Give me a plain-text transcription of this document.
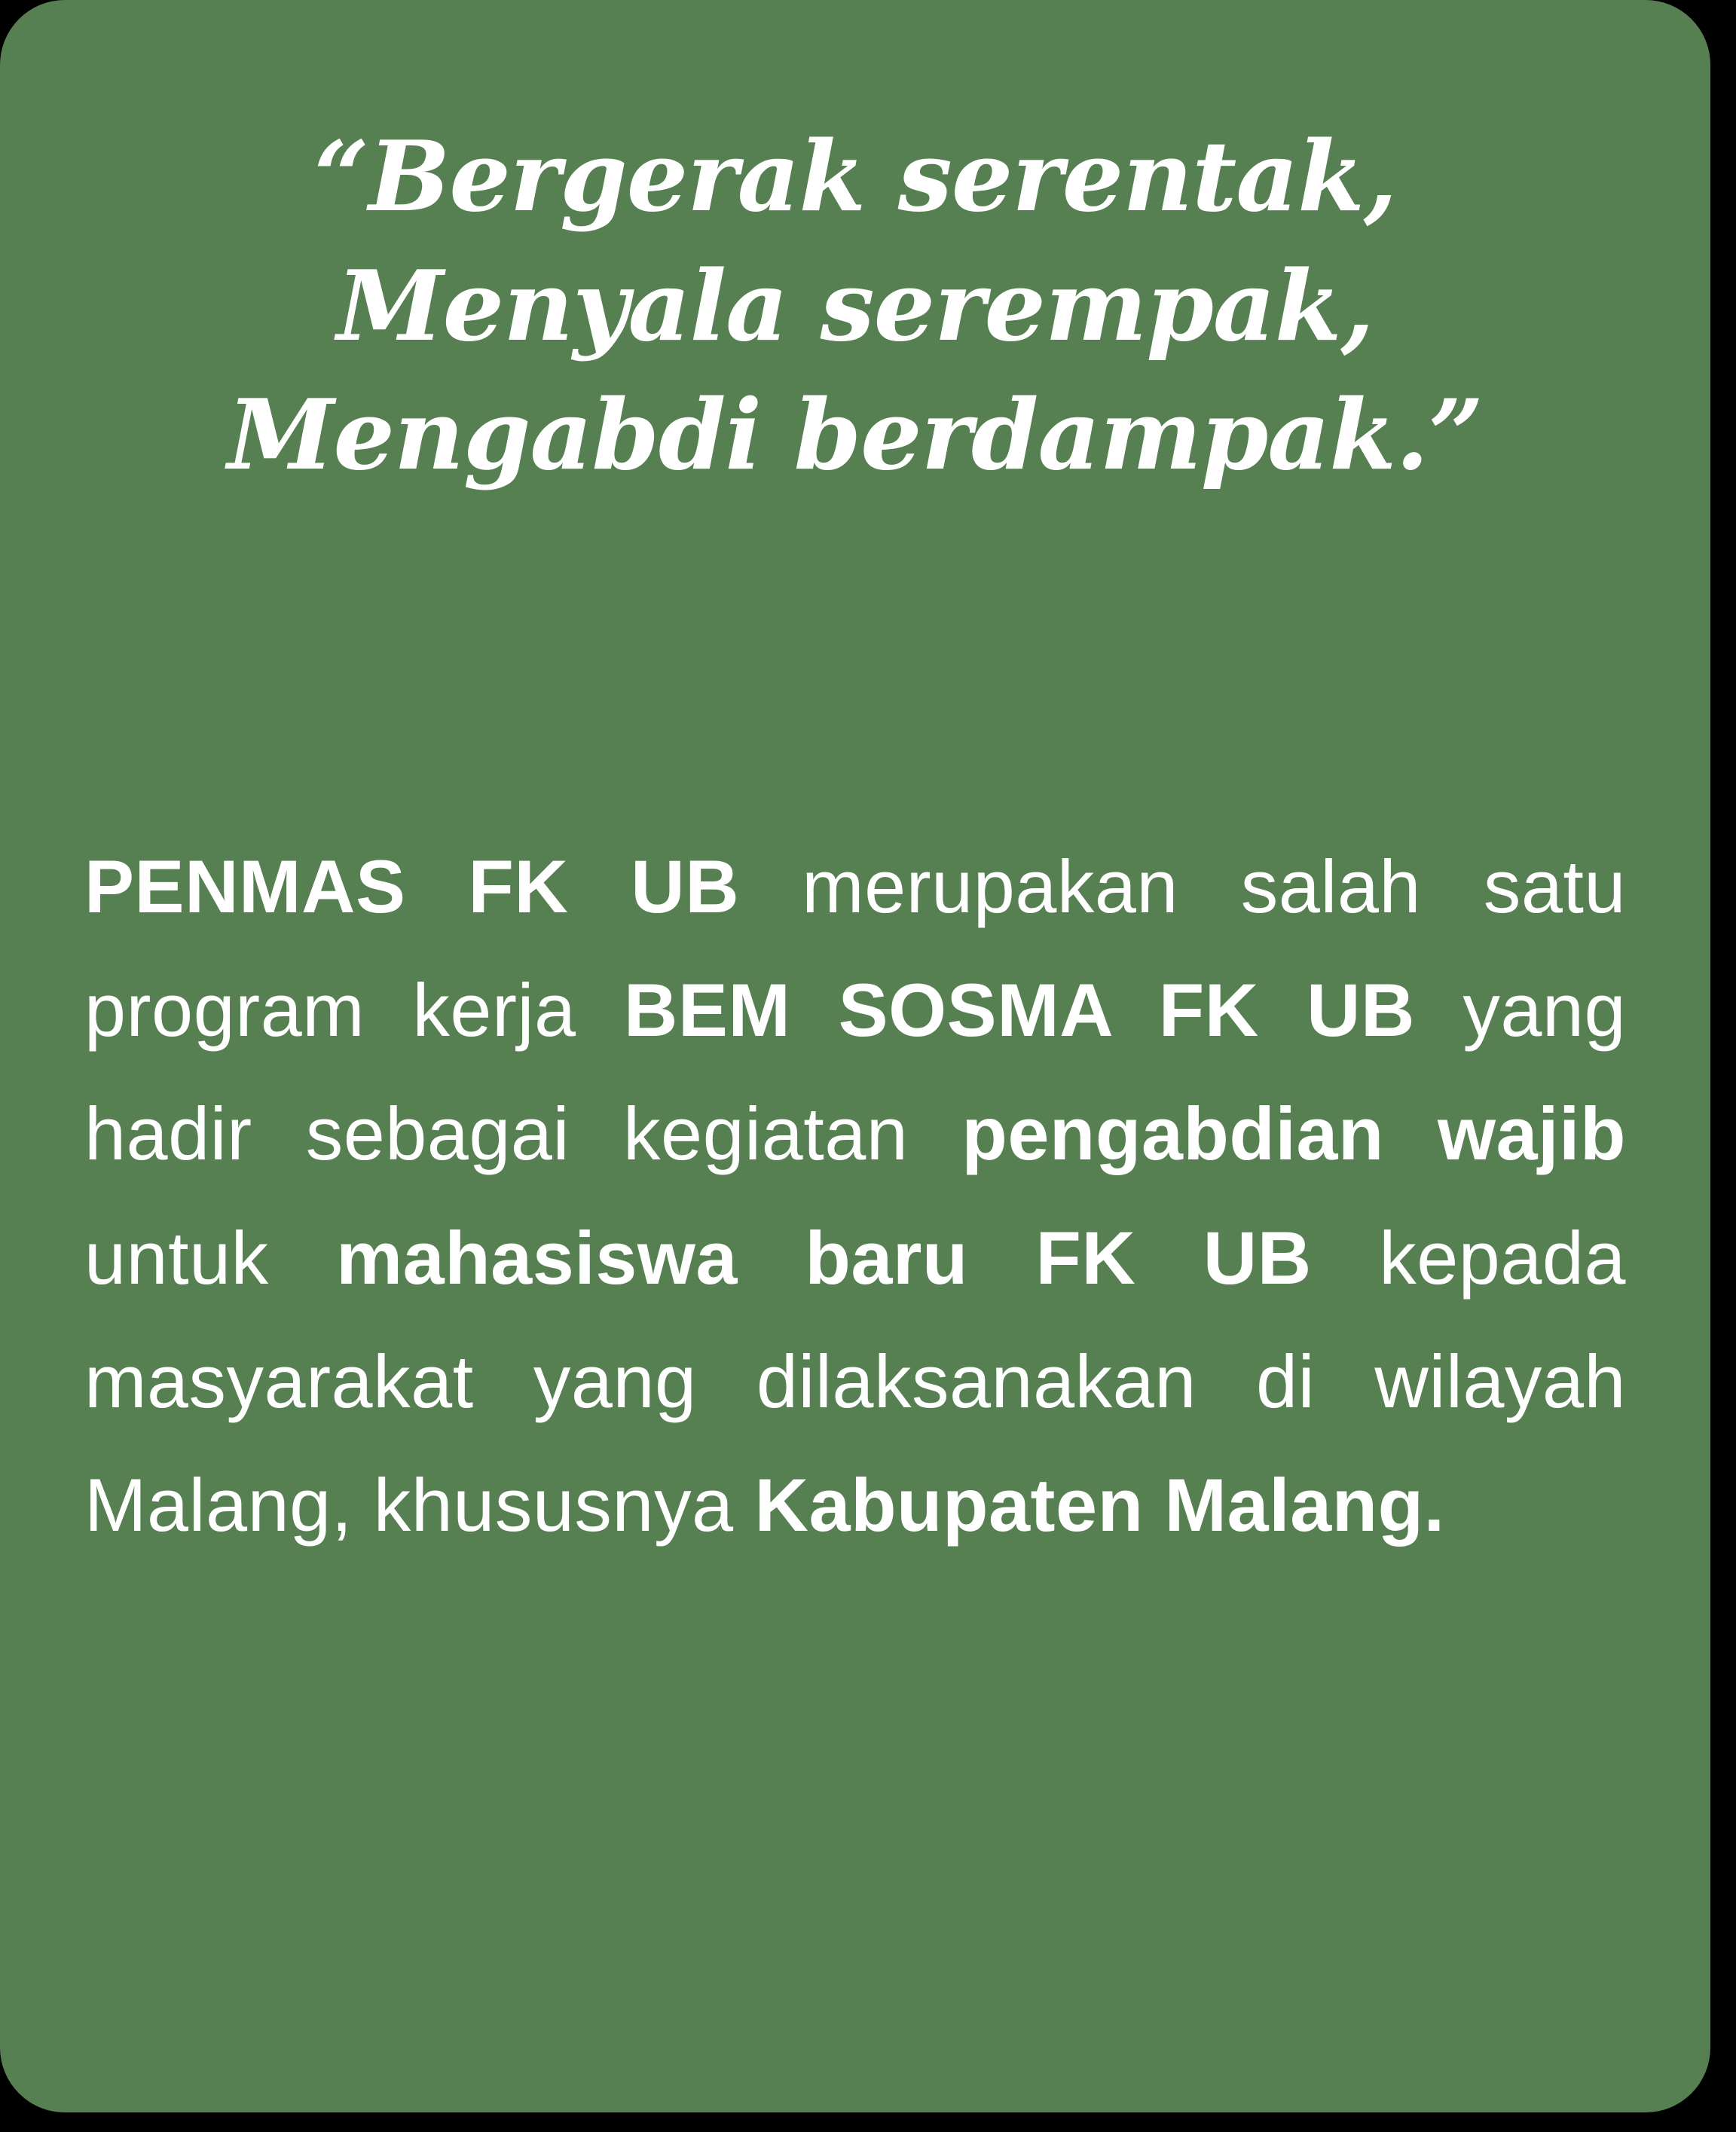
“Bergerak serentak,
Menyala serempak,
Mengabdi berdampak.”

PENMAS FK UB merupakan salah satu program kerja BEM SOSMA FK UB yang hadir sebagai kegiatan pengabdian wajib untuk mahasiswa baru FK UB kepada masyarakat yang dilaksanakan di wilayah Malang, khususnya Kabupaten Malang.
